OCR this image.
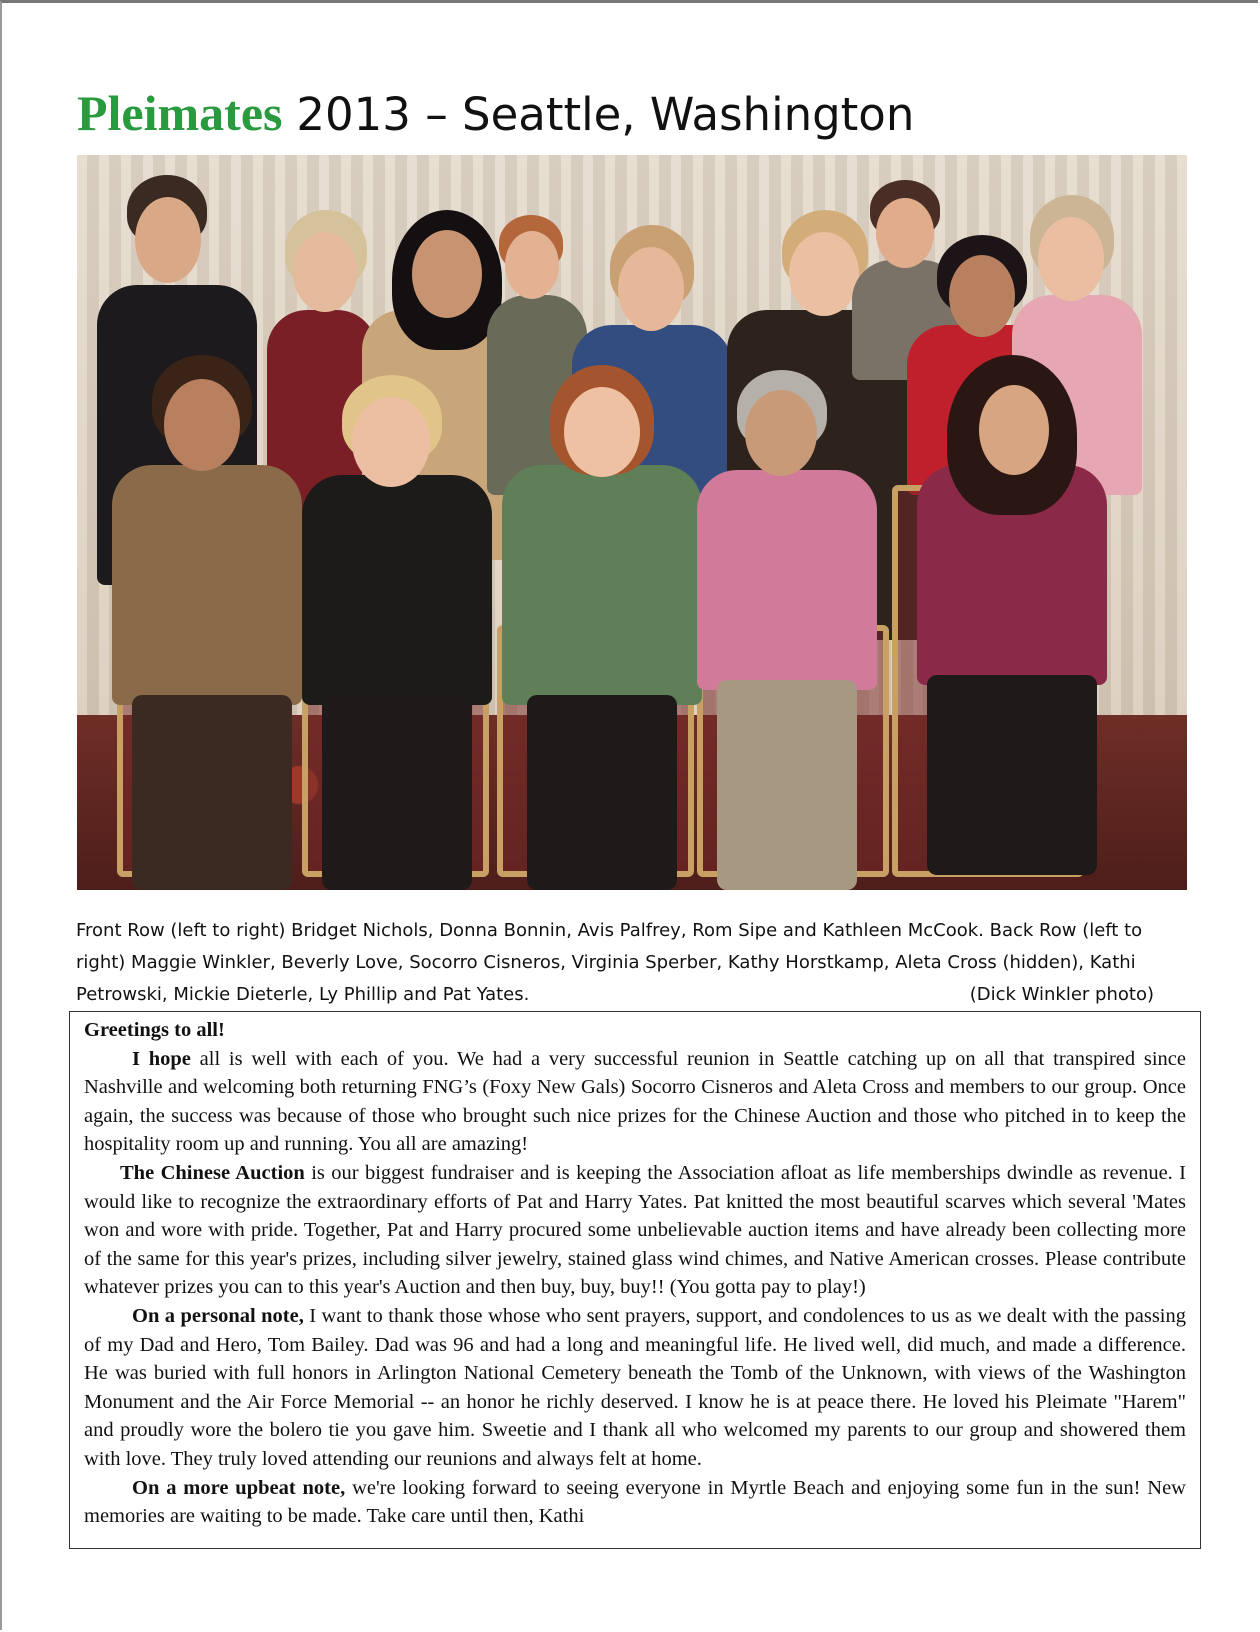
Pleimates 2013 – Seattle, Washington
Front Row (left to right) Bridget Nichols, Donna Bonnin, Avis Palfrey, Rom Sipe and Kathleen McCook. Back Row (left to right) Maggie Winkler, Beverly Love, Socorro Cisneros, Virginia Sperber, Kathy Horstkamp, Aleta Cross (hidden), Kathi Petrowski, Mickie Dieterle, Ly Phillip and Pat Yates.	(Dick Winkler photo)

Greetings to all!

I hope all is well with each of you. We had a very successful reunion in Seattle catching up on all that transpired since Nashville and welcoming both returning FNG’s (Foxy New Gals) Socorro Cisneros and Aleta Cross and members to our group. Once again, the success was because of those who brought such nice prizes for the Chinese Auction and those who pitched in to keep the hospitality room up and running. You all are amazing!

The Chinese Auction is our biggest fundraiser and is keeping the Association afloat as life memberships dwindle as revenue. I would like to recognize the extraordinary efforts of Pat and Harry Yates. Pat knitted the most beautiful scarves which several 'Mates won and wore with pride. Together, Pat and Harry procured some unbelievable auction items and have already been collecting more of the same for this year's prizes, including silver jewelry, stained glass wind chimes, and Native American crosses. Please contribute whatever prizes you can to this year's Auction and then buy, buy, buy!! (You gotta pay to play!)

On a personal note, I want to thank those whose who sent prayers, support, and condolences to us as we dealt with the passing of my Dad and Hero, Tom Bailey. Dad was 96 and had a long and meaningful life. He lived well, did much, and made a difference. He was buried with full honors in Arlington National Cemetery beneath the Tomb of the Unknown, with views of the Washington Monument and the Air Force Memorial -- an honor he richly deserved. I know he is at peace there. He loved his Pleimate "Harem" and proudly wore the bolero tie you gave him. Sweetie and I thank all who welcomed my parents to our group and showered them with love. They truly loved attending our reunions and always felt at home.

On a more upbeat note, we're looking forward to seeing everyone in Myrtle Beach and enjoying some fun in the sun! New memories are waiting to be made. Take care until then, Kathi
